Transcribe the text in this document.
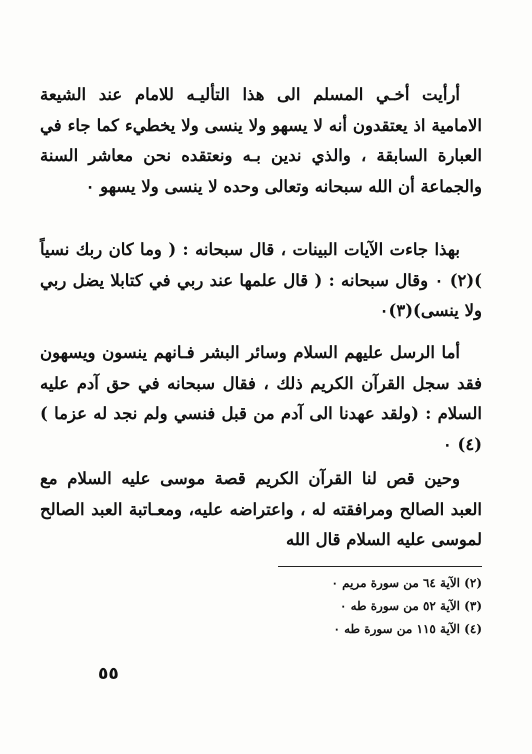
أرأيت أخـي المسلم الى هذا التأليـه للامام عند الشيعة الامامية اذ يعتقدون أنه لا يسهو ولا ينسى ولا يخطيء كما جاء في العبارة السابقة ، والذي ندين بـه ونعتقده نحن معاشر السنة والجماعة أن الله سبحانه وتعالى وحده لا ينسى ولا يسهو ٠

بهذا جاءت الآيات البينات ، قال سبحانه : ( وما كان ربك نسياً )(٢) ٠ وقال سبحانه : ( قال علمها عند ربي في كتابلا يضل ربي ولا ينسى)(٣)٠

أما الرسل عليهم السلام وسائر البشر فـانهم ينسون ويسهون فقد سجل القرآن الكريم ذلك ، فقال سبحانه في حق آدم عليه السلام : (ولقد عهدنا الى آدم من قبل فنسي ولم نجد له عزما )(٤) ٠

وحين قص لنا القرآن الكريم قصة موسى عليه السلام مع العبد الصالح ومرافقته له ، واعتراضه عليه، ومعـاتبة العبد الصالح لموسى عليه السلام قال الله

(٢) الآية ٦٤ من سورة مريم ٠
(٣) الآية ٥٢ من سورة طه ٠
(٤) الآية ١١٥ من سورة طه ٠
٥٥
